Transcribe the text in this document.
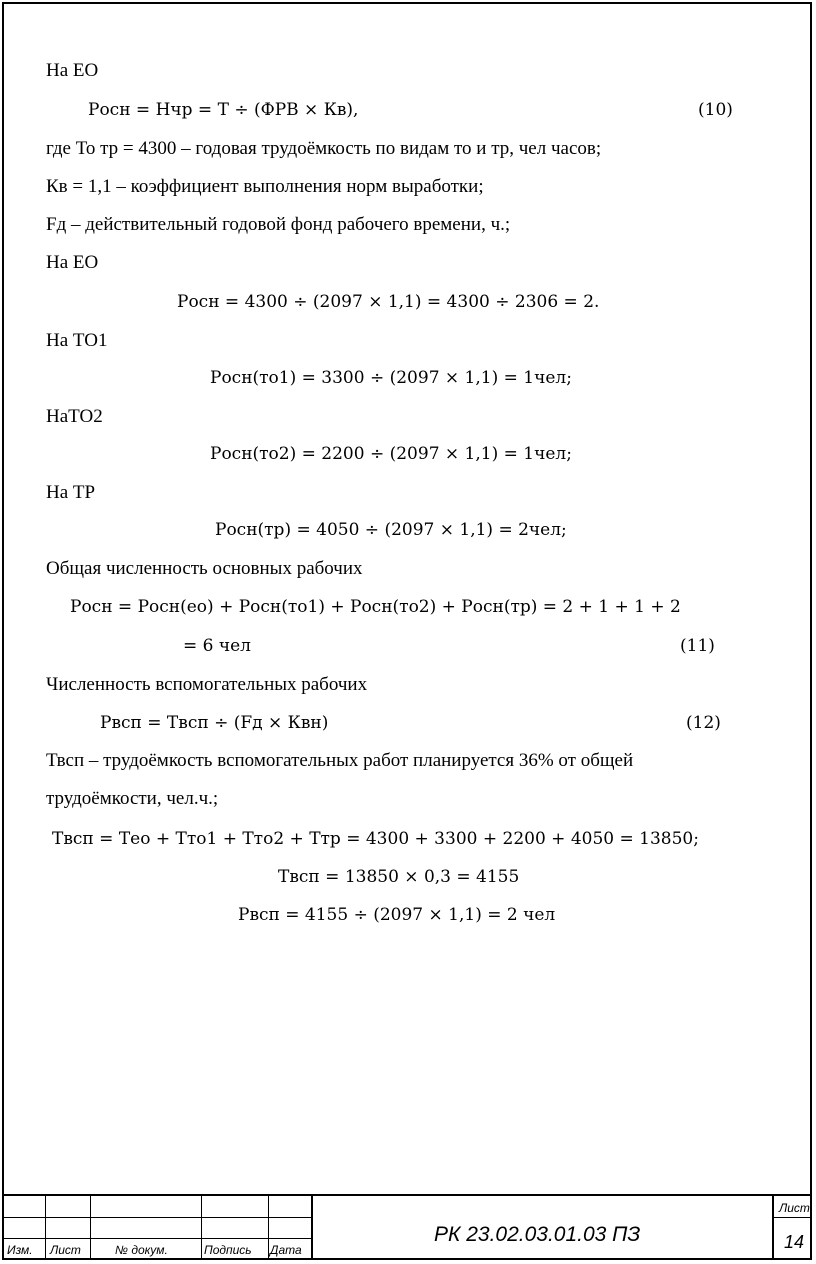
На ЕО
Росн = Нчр = Т ÷ (ФРВ × Кв),	(10)
где То тр = 4300 – годовая трудоёмкость по видам то и тр, чел часов;
Кв = 1,1 – коэффициент выполнения норм выработки;
Fд – действительный годовой фонд рабочего времени, ч.;
На ЕО
Росн = 4300 ÷ (2097 × 1,1) = 4300 ÷ 2306 = 2.
На ТО1
Росн(то1) = 3300 ÷ (2097 × 1,1) = 1чел;
НаТО2
Росн(то2) = 2200 ÷ (2097 × 1,1) = 1чел;
На ТР
Росн(тр) = 4050 ÷ (2097 × 1,1) = 2чел;
Общая численность основных рабочих
Росн = Росн(ео) + Росн(то1) + Росн(то2) + Росн(тр) = 2 + 1 + 1 + 2
= 6 чел	(11)
Численность вспомогательных рабочих
Рвсп = Твсп ÷ (Fд × Квн)	(12)
Твсп – трудоёмкость вспомогательных работ планируется 36% от общей
трудоёмкости, чел.ч.;
Твсп = Тео + Тто1 + Тто2 + Ттр = 4300 + 3300 + 2200 + 4050 = 13850;
Твсп = 13850 × 0,3 = 4155
Рвсп = 4155 ÷ (2097 × 1,1) = 2 чел
Изм. Лист	№ докум.	Подпись Дата
РК 23.02.03.01.03 ПЗ
Лист
14
